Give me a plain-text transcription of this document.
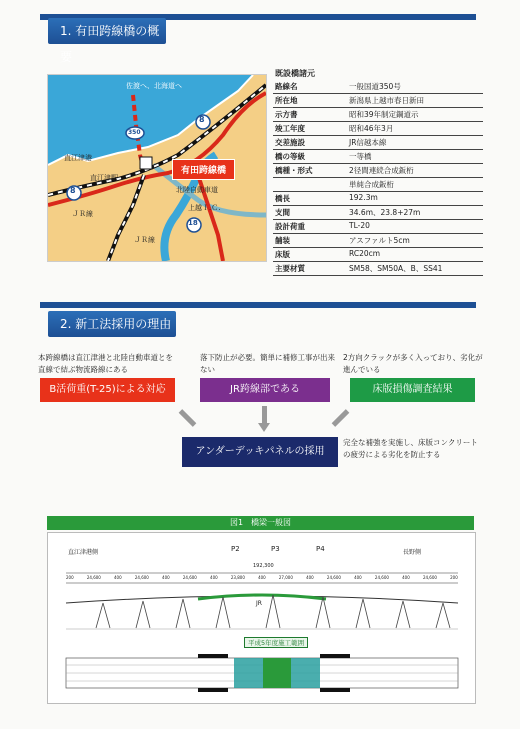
1. 有田跨線橋の概要
8
8
18
350
佐渡へ、北海道へ
直江津港
直江津駅
ＪＲ線
ＪＲ線
北陸自動車道
上越Ｉ.Ｃ.
有田跨線橋
既設橋諸元
路線名	一般国道350号
所在地	新潟県上越市春日新田
示方書	昭和39年制定鋼道示
竣工年度	昭和46年3月
交差施設	JR信越本線
橋の等級	一等橋
橋種・形式	2径間連続合成鈑桁
	単純合成鈑桁
橋長	192.3m
支間	34.6m、23.8+27m
設計荷重	TL-20
舗装	アスファルト5cm
床版	RC20cm
主要材質	SM58、SM50A、B、SS41
2. 新工法採用の理由
本跨線橋は直江津港と北陸自動車道とを直線で結ぶ物流路線にある
落下防止が必要。簡単に補修工事が出来ない
2方向クラックが多く入っており、劣化が進んでいる
B活荷重(T-25)による対応	JR跨線部である	床版損傷調査結果
アンダーデッキパネルの採用
完全な補強を実施し、床版コンクリートの疲労による劣化を防止する
図1　橋梁一般図
直江津港側	長野側
P2	P3	P4
192,300
200	24,600	400	24,600	400	24,600	400	23,800	400	27,000	400	24,600	400	24,600	400	24,600	200
JR
平成5年度施工範囲
